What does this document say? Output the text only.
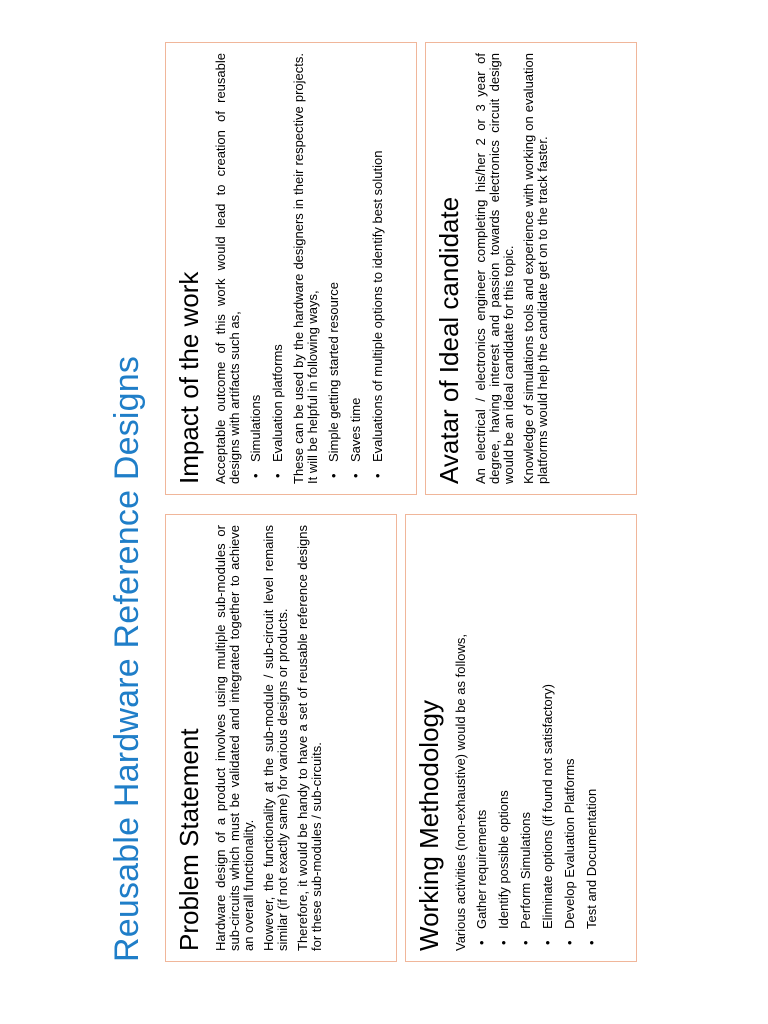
Reusable Hardware Reference Designs Problem Statement Hardware design of a product involves using multiple sub-modules or sub-circuits which must be validated and integrated together to achieve an overall functionality. However, the functionality at the sub-module / sub-circuit level remains similar (if not exactly same) for various designs or products. Therefore, it would be handy to have a set of reusable reference designs for these sub-modules / sub-circuits.	Working Methodology Various activities (non-exhaustive) would be as follows, •
Gather requirements
•
Identify possible options
•
Perform Simulations
•
Eliminate options (if found not satisfactory)
•
Develop Evaluation Platforms
•
Test and Documentation
Impact of the work Acceptable outcome of this work would lead to creation of reusable designs with artifacts such as, •
Simulations
•
Evaluation platforms These can be used by the hardware designers in their respective projects. It will be helpful in following ways, •
Simple getting started resource
•
Saves time
•
Evaluations of multiple options to identify best solution Avatar of Ideal candidate An electrical / electronics engineer completing his/her 2 or 3 year of degree, having interest and passion towards electronics circuit design would be an ideal candidate for this topic. Knowledge of simulations tools and experience with working on evaluation platforms would help the candidate get on to the track faster.
